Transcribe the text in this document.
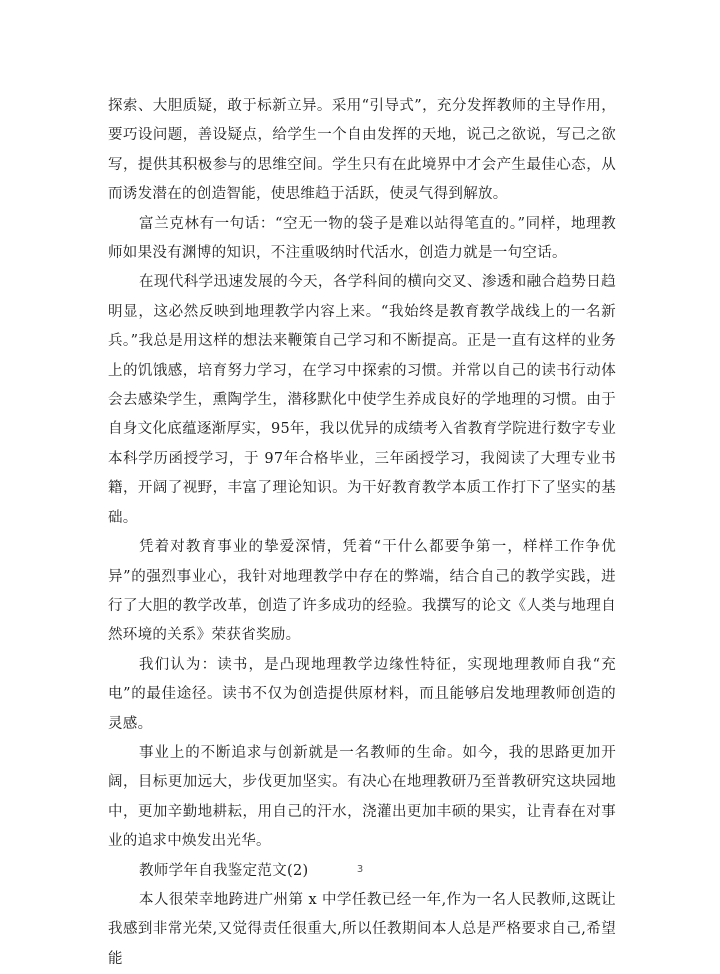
探索、大胆质疑，敢于标新立异。采用“引导式”，充分发挥教师的主导作用，要巧设问题，善设疑点，给学生一个自由发挥的天地，说己之欲说，写己之欲写，提供其积极参与的思维空间。学生只有在此境界中才会产生最佳心态，从而诱发潜在的创造智能，使思维趋于活跃，使灵气得到解放。

富兰克林有一句话：“空无一物的袋子是难以站得笔直的。”同样，地理教师如果没有渊博的知识，不注重吸纳时代活水，创造力就是一句空话。

在现代科学迅速发展的今天，各学科间的横向交叉、渗透和融合趋势日趋明显，这必然反映到地理教学内容上来。“我始终是教育教学战线上的一名新兵。”我总是用这样的想法来鞭策自己学习和不断提高。正是一直有这样的业务上的饥饿感，培育努力学习，在学习中探索的习惯。并常以自己的读书行动体会去感染学生，熏陶学生，潜移默化中使学生养成良好的学地理的习惯。由于自身文化底蕴逐渐厚实，95年，我以优异的成绩考入省教育学院进行数字专业本科学历函授学习，于 97年合格毕业，三年函授学习，我阅读了大理专业书籍，开阔了视野，丰富了理论知识。为干好教育教学本质工作打下了坚实的基础。

凭着对教育事业的挚爱深情，凭着“干什么都要争第一，样样工作争优异”的强烈事业心，我针对地理教学中存在的弊端，结合自己的教学实践，进行了大胆的教学改革，创造了许多成功的经验。我撰写的论文《人类与地理自然环境的关系》荣获省奖励。

我们认为：读书，是凸现地理教学边缘性特征，实现地理教师自我“充电”的最佳途径。读书不仅为创造提供原材料，而且能够启发地理教师创造的灵感。

事业上的不断追求与创新就是一名教师的生命。如今，我的思路更加开阔，目标更加远大，步伐更加坚实。有决心在地理教研乃至普教研究这块园地中，更加辛勤地耕耘，用自己的汗水，浇灌出更加丰硕的果实，让青春在对事业的追求中焕发出光华。

教师学年自我鉴定范文(2)

本人很荣幸地跨进广州第 x 中学任教已经一年,作为一名人民教师,这既让我感到非常光荣,又觉得责任很重大,所以任教期间本人总是严格要求自己,希望能

3
